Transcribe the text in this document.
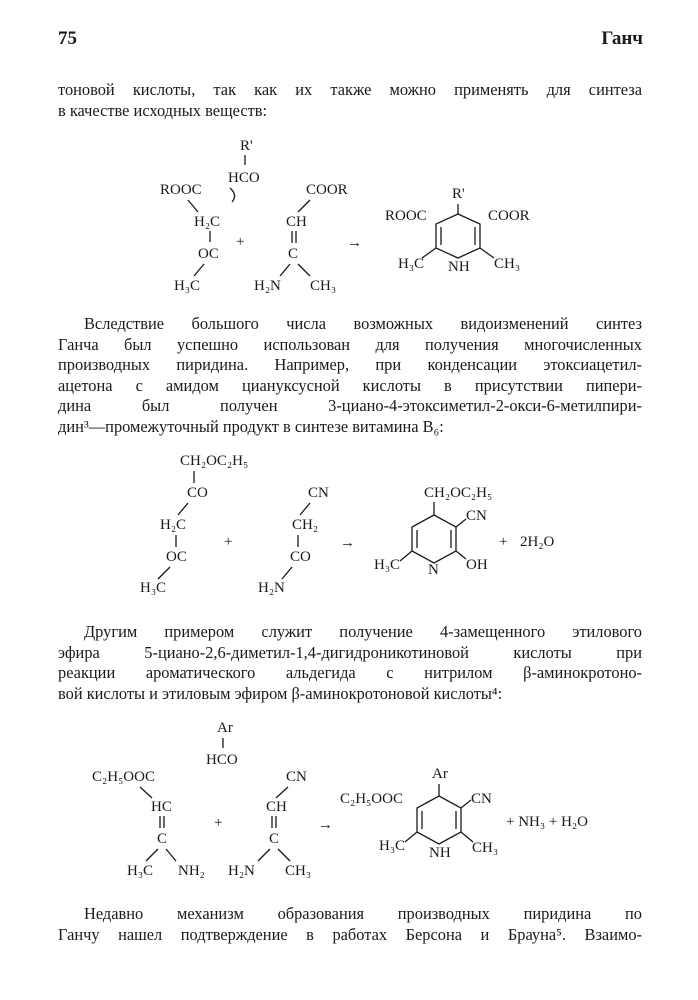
75	Ганч
тоновой кислоты, так как их также можно применять для синтеза
в качестве исходных веществ:
R'
HCO
ROOC
H₂C
OC
H₃C
+
COOR
CH
C
H₂N CH₃
→
R'
ROOC	COOR
H₃C NH CH₃
Вследствие большого числа возможных видоизменений синтез
Ганча был успешно использован для получения многочисленных
производных пиридина. Например, при конденсации этоксиацетил-
ацетона с амидом циануксусной кислоты в присутствии пипери-
дина был получен 3-циано-4-этоксиметил-2-окси-6-метилпири-
дин³—промежуточный продукт в синтезе витамина B₆:
CH₂OC₂H₅
CO
H₂C
OC
H₃C
+
CN
CH₂
CO
H₂N
→
CH₂OC₂H₅
CN
H₃C N OH
+ 2H₂O
Другим примером служит получение 4-замещенного этилового
эфира 5-циано-2,6-диметил-1,4-дигидроникотиновой кислоты при
реакции ароматического альдегида с нитрилом β-аминокротоно-
вой кислоты и этиловым эфиром β-аминокротоновой кислоты⁴:
Ar
HCO
C₂H₅OOC
HC
C
H₃C NH₂
+
CN
CH
C
H₂N CH₃
→
Ar
C₂H₅OOC	CN
H₃C NH CH₃
+ NH₃ + H₂O
Недавно механизм образования производных пиридина по
Ганчу нашел подтверждение в работах Берсона и Брауна⁵. Взаимо-
